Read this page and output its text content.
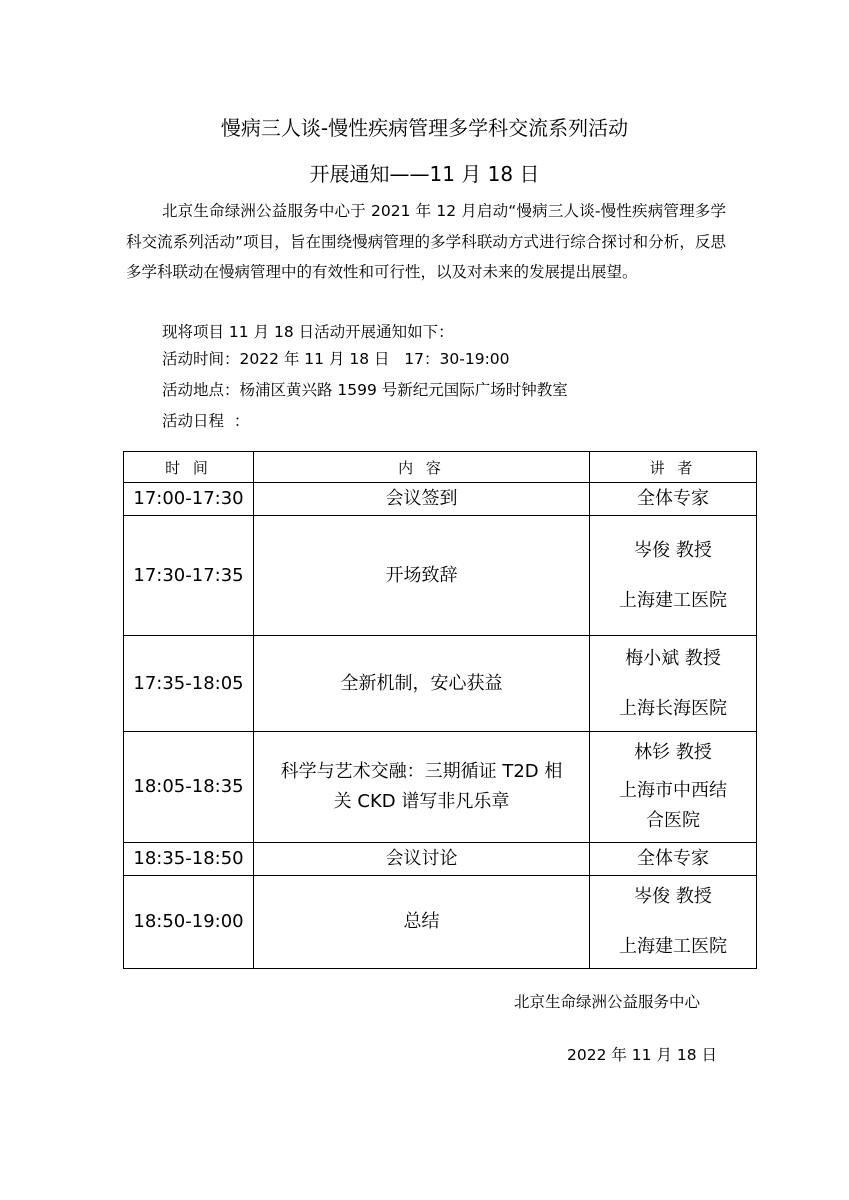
慢病三人谈-慢性疾病管理多学科交流系列活动
开展通知——11 月 18 日

北京生命绿洲公益服务中心于 2021 年 12 月启动“慢病三人谈-慢性疾病管理多学科交流系列活动”项目，旨在围绕慢病管理的多学科联动方式进行综合探讨和分析，反思多学科联动在慢病管理中的有效性和可行性，以及对未来的发展提出展望。

现将项目 11 月 18 日活动开展通知如下：
活动时间：2022 年 11 月 18 日   17：30-19:00
活动地点：杨浦区黄兴路 1599 号新纪元国际广场时钟教室
活动日程  ：
时 间	内 容	讲 者
17:00-17:30	会议签到	全体专家
17:30-17:35	开场致辞	岑俊 教授
上海建工医院

17:35-18:05	全新机制，安心获益	梅小斌 教授
上海长海医院

18:05-18:35	科学与艺术交融：三期循证 T2D 相关 CKD 谱写非凡乐章	林钐 教授
上海市中西结合医院

18:35-18:50	会议讨论	全体专家
18:50-19:00	总结	岑俊 教授
上海建工医院
北京生命绿洲公益服务中心
2022 年 11 月 18 日
